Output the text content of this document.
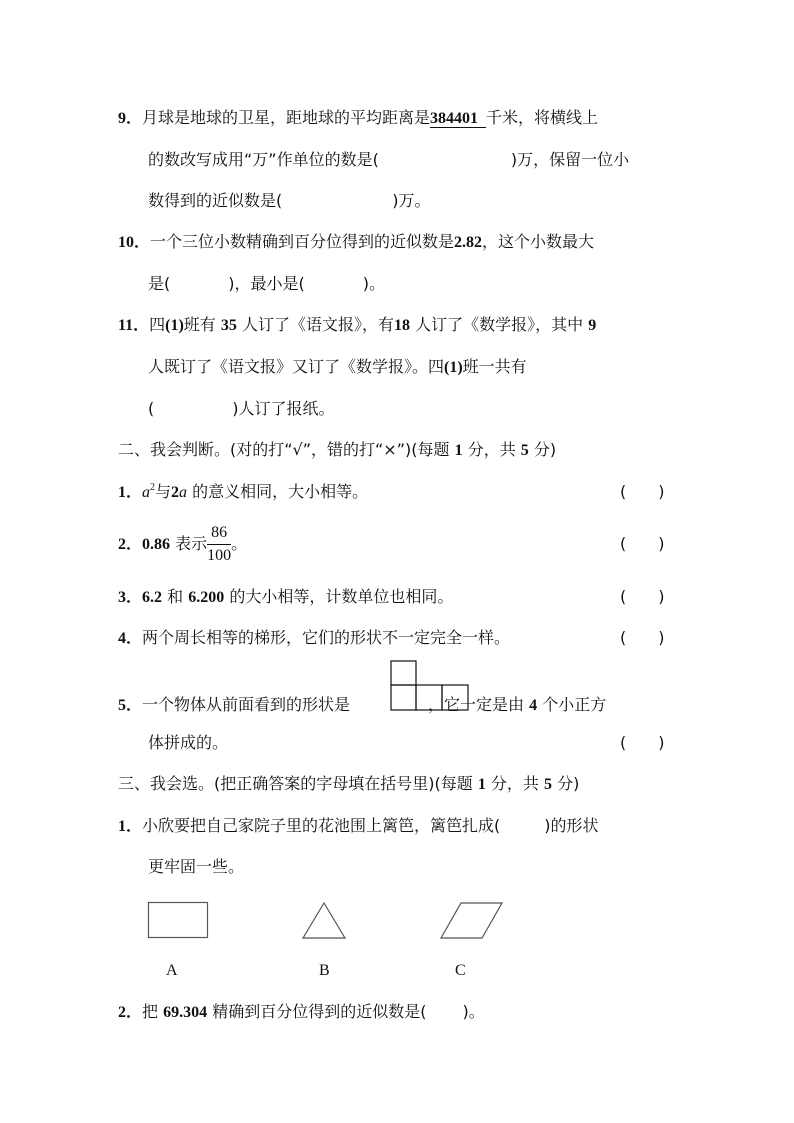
9．月球是地球的卫星，距地球的平均距离是384401 千米，将横线上
的数改写成用“万”作单位的数是(	)万，保留一位小
数得到的近似数是(	)万。
10．一个三位小数精确到百分位得到的近似数是2.82，这个小数最大
是(	)，最小是(	)。
11．四(1)班有 35 人订了《语文报》，有18 人订了《数学报》，其中 9
人既订了《语文报》又订了《数学报》。四(1)班一共有
(	)人订了报纸。
二、我会判断。(对的打“√”，错的打“×”)(每题 1 分，共 5 分)
1．$a^2$与2a 的意义相同，大小相等。	(　　)
2．0.86 表示 $\frac{86}{100}$ 。	(　　)
3．6.2 和 6.200 的大小相等，计数单位也相同。	(　　)
4．两个周长相等的梯形，它们的形状不一定完全一样。	(　　)
5．一个物体从前面看到的形状是	，它一定是由 4 个小正方
体拼成的。	(　　)
三、我会选。(把正确答案的字母填在括号里)(每题 1 分，共 5 分)
1．小欣要把自己家院子里的花池围上篱笆，篱笆扎成(	)的形状
更牢固一些。
A	B	C
2．把 69.304 精确到百分位得到的近似数是( )。
